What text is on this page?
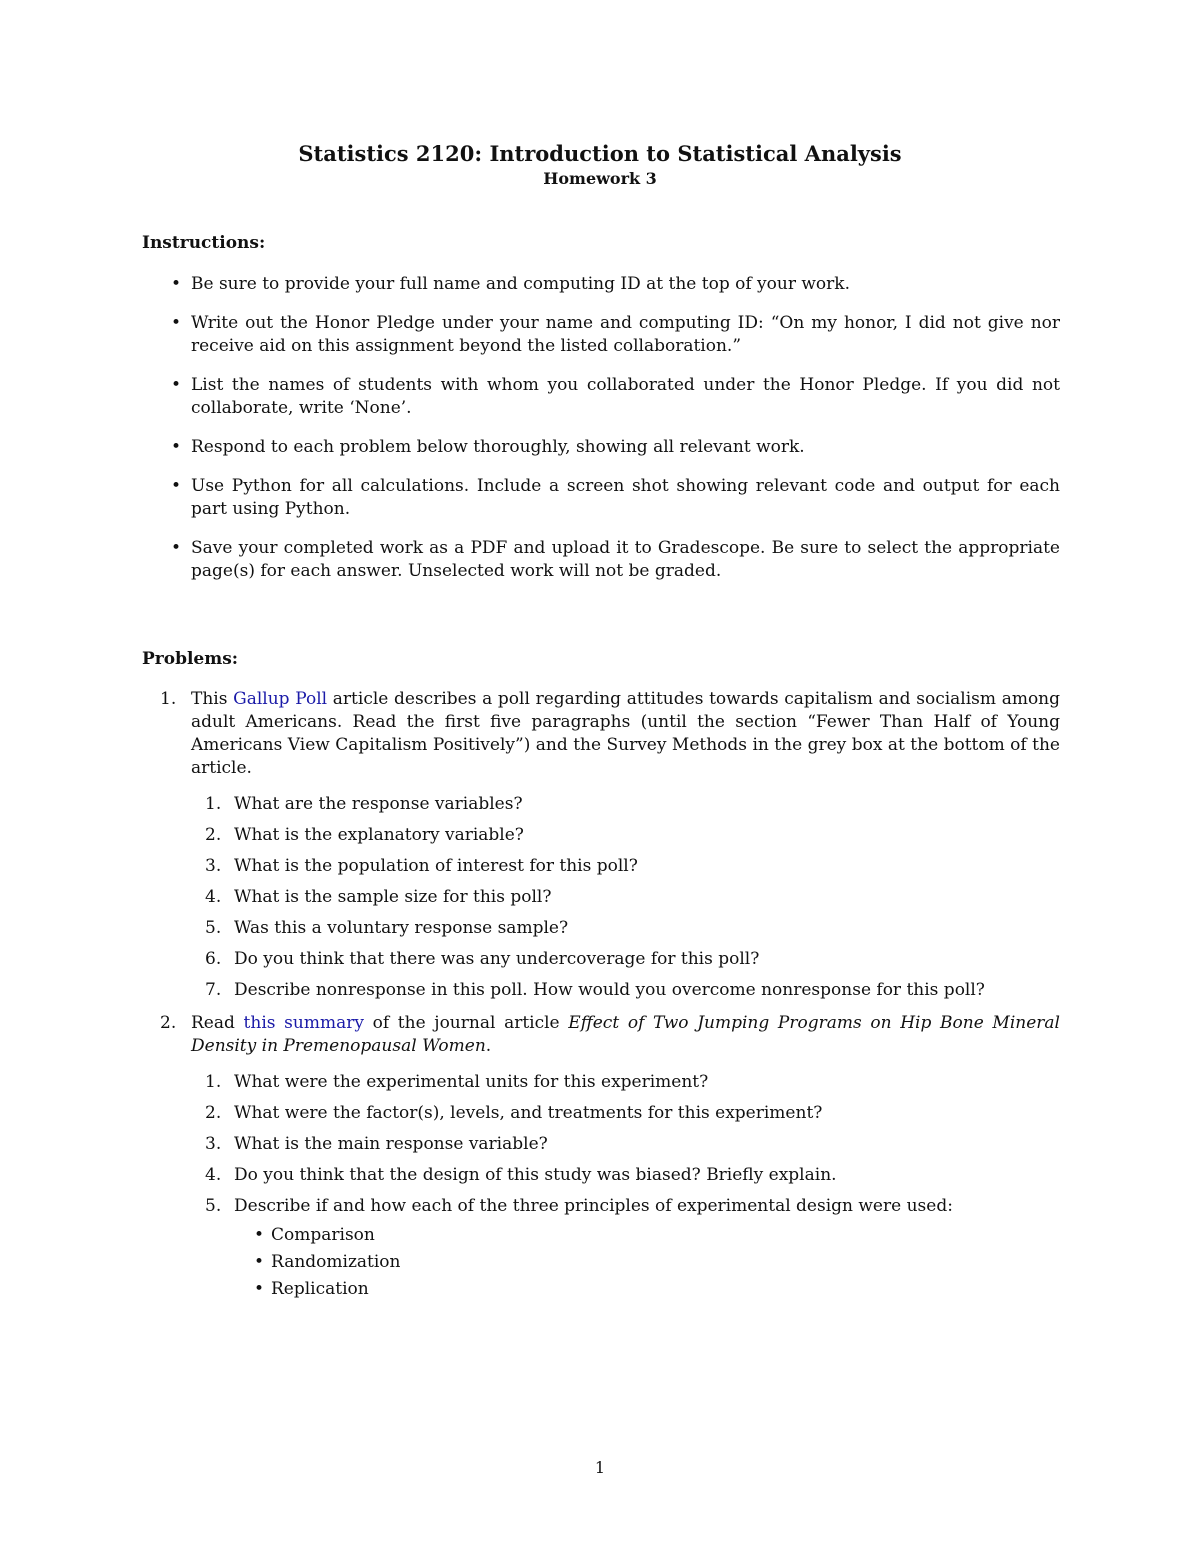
Statistics 2120: Introduction to Statistical Analysis
Homework 3
Instructions:
• Be sure to provide your full name and computing ID at the top of your work.
• Write out the Honor Pledge under your name and computing ID: “On my honor, I did not give nor receive aid on this assignment beyond the listed collaboration.”
• List the names of students with whom you collaborated under the Honor Pledge. If you did not collaborate, write ‘None’.
• Respond to each problem below thoroughly, showing all relevant work.
• Use Python for all calculations. Include a screen shot showing relevant code and output for each part using Python.
• Save your completed work as a PDF and upload it to Gradescope. Be sure to select the appropriate page(s) for each answer. Unselected work will not be graded.
Problems:
1. This Gallup Poll article describes a poll regarding attitudes towards capitalism and socialism among adult Americans. Read the first five paragraphs (until the section “Fewer Than Half of Young Americans View Capitalism Positively”) and the Survey Methods in the grey box at the bottom of the article.
1. What are the response variables?
2. What is the explanatory variable?
3. What is the population of interest for this poll?
4. What is the sample size for this poll?
5. Was this a voluntary response sample?
6. Do you think that there was any undercoverage for this poll?
7. Describe nonresponse in this poll. How would you overcome nonresponse for this poll?
2. Read this summary of the journal article Effect of Two Jumping Programs on Hip Bone Mineral Density in Premenopausal Women.
1. What were the experimental units for this experiment?
2. What were the factor(s), levels, and treatments for this experiment?
3. What is the main response variable?
4. Do you think that the design of this study was biased? Briefly explain.
5. Describe if and how each of the three principles of experimental design were used:
• Comparison
• Randomization
• Replication
1
